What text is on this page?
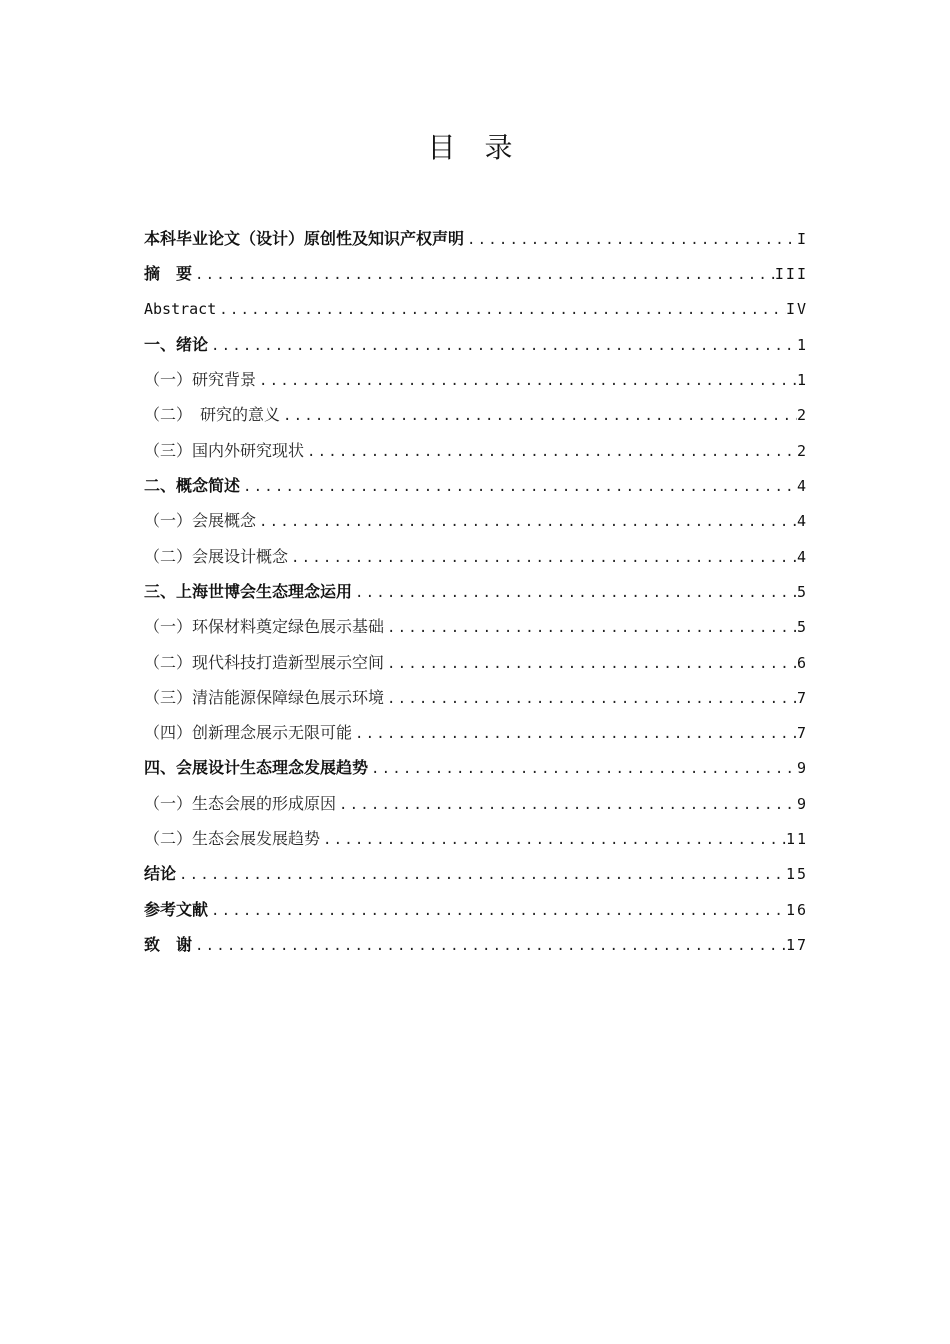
目 录
本科毕业论文（设计）原创性及知识产权声明 .....	I
摘　要 .....	III
Abstract .....	IV
一、绪论 .....	1
（一）研究背景 .....	1
（二）　研究的意义 .....	2
（三）国内外研究现状 .....	2
二、概念简述 .....	4
（一）会展概念 .....	4
（二）会展设计概念 .....	4
三、上海世博会生态理念运用 .....	5
（一）环保材料奠定绿色展示基础 .....	5
（二）现代科技打造新型展示空间 .....	6
（三）清洁能源保障绿色展示环境 .....	7
（四）创新理念展示无限可能 .....	7
四、会展设计生态理念发展趋势 .....	9
（一）生态会展的形成原因 .....	9
（二）生态会展发展趋势 .....	11
结论 .....	15
参考文献 .....	16
致　谢 .....	17
